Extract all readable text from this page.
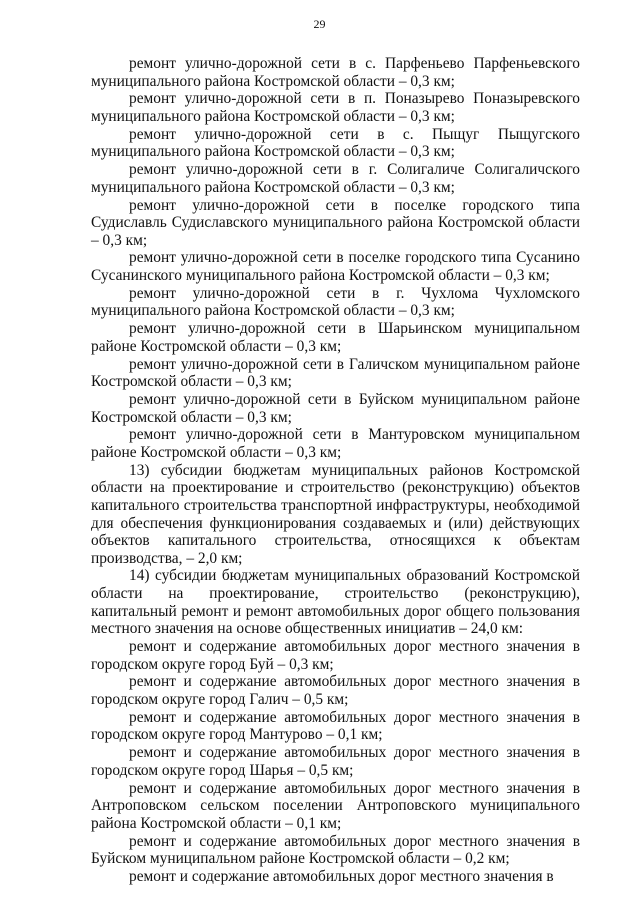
29

ремонт улично-дорожной сети в с. Парфеньево Парфеньевского муниципального района Костромской области – 0,3 км;

ремонт улично-дорожной сети в п. Поназырево Поназыревского муниципального района Костромской области – 0,3 км;

ремонт улично-дорожной сети в с. Пыщуг Пыщугского муниципального района Костромской области – 0,3 км;

ремонт улично-дорожной сети в г. Солигаличе Солигаличского муниципального района Костромской области – 0,3 км;

ремонт улично-дорожной сети в поселке городского типа Судиславль Судиславского муниципального района Костромской области – 0,3 км;

ремонт улично-дорожной сети в поселке городского типа Сусанино Сусанинского муниципального района Костромской области – 0,3 км;

ремонт улично-дорожной сети в г. Чухлома Чухломского муниципального района Костромской области – 0,3 км;

ремонт улично-дорожной сети в Шарьинском муниципальном районе Костромской области – 0,3 км;

ремонт улично-дорожной сети в Галичском муниципальном районе Костромской области – 0,3 км;

ремонт улично-дорожной сети в Буйском муниципальном районе Костромской области – 0,3 км;

ремонт улично-дорожной сети в Мантуровском муниципальном районе Костромской области – 0,3 км;

13) субсидии бюджетам муниципальных районов Костромской области на проектирование и строительство (реконструкцию) объектов капитального строительства транспортной инфраструктуры, необходимой для обеспечения функционирования создаваемых и (или) действующих объектов капитального строительства, относящихся к объектам производства, – 2,0 км;

14) субсидии бюджетам муниципальных образований Костромской области на проектирование, строительство (реконструкцию), капитальный ремонт и ремонт автомобильных дорог общего пользования местного значения на основе общественных инициатив – 24,0 км:

ремонт и содержание автомобильных дорог местного значения в городском округе город Буй – 0,3 км;

ремонт и содержание автомобильных дорог местного значения в городском округе город Галич – 0,5 км;

ремонт и содержание автомобильных дорог местного значения в городском округе город Мантурово – 0,1 км;

ремонт и содержание автомобильных дорог местного значения в городском округе город Шарья – 0,5 км;

ремонт и содержание автомобильных дорог местного значения в Антроповском сельском поселении Антроповского муниципального района Костромской области – 0,1 км;

ремонт и содержание автомобильных дорог местного значения в Буйском муниципальном районе Костромской области – 0,2 км;

ремонт и содержание автомобильных дорог местного значения в
